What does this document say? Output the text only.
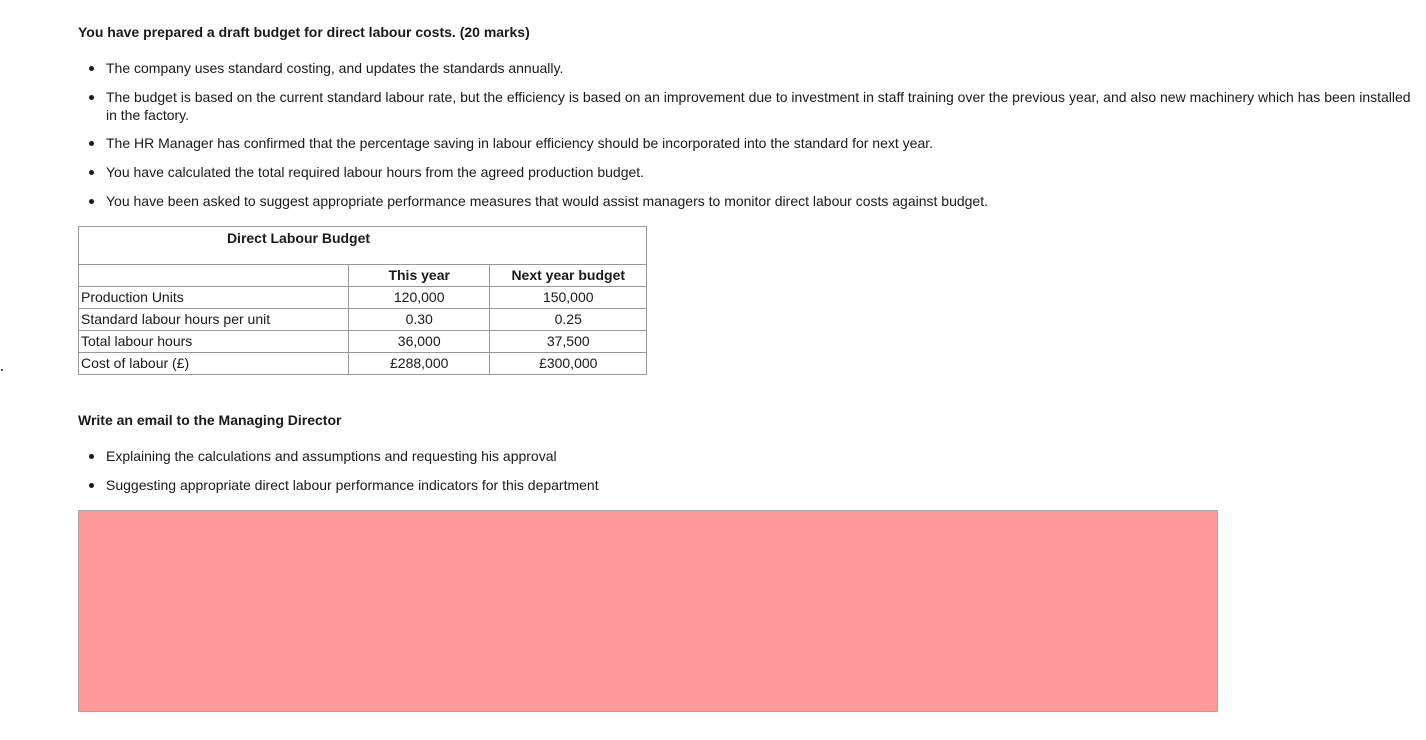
You have prepared a draft budget for direct labour costs. (20 marks)

The company uses standard costing, and updates the standards annually.
The budget is based on the current standard labour rate, but the efficiency is based on an improvement due to investment in staff training over the previous year, and also new machinery which has been installed in the factory.
The HR Manager has confirmed that the percentage saving in labour efficiency should be incorporated into the standard for next year.
You have calculated the total required labour hours from the agreed production budget.
You have been asked to suggest appropriate performance measures that would assist managers to monitor direct labour costs against budget.
Direct Labour Budget		
	This year	Next year budget
Production Units	120,000	150,000
Standard labour hours per unit	0.30	0.25
Total labour hours	36,000	37,500
Cost of labour (£)	£288,000	£300,000

Write an email to the Managing Director

Explaining the calculations and assumptions and requesting his approval
Suggesting appropriate direct labour performance indicators for this department
